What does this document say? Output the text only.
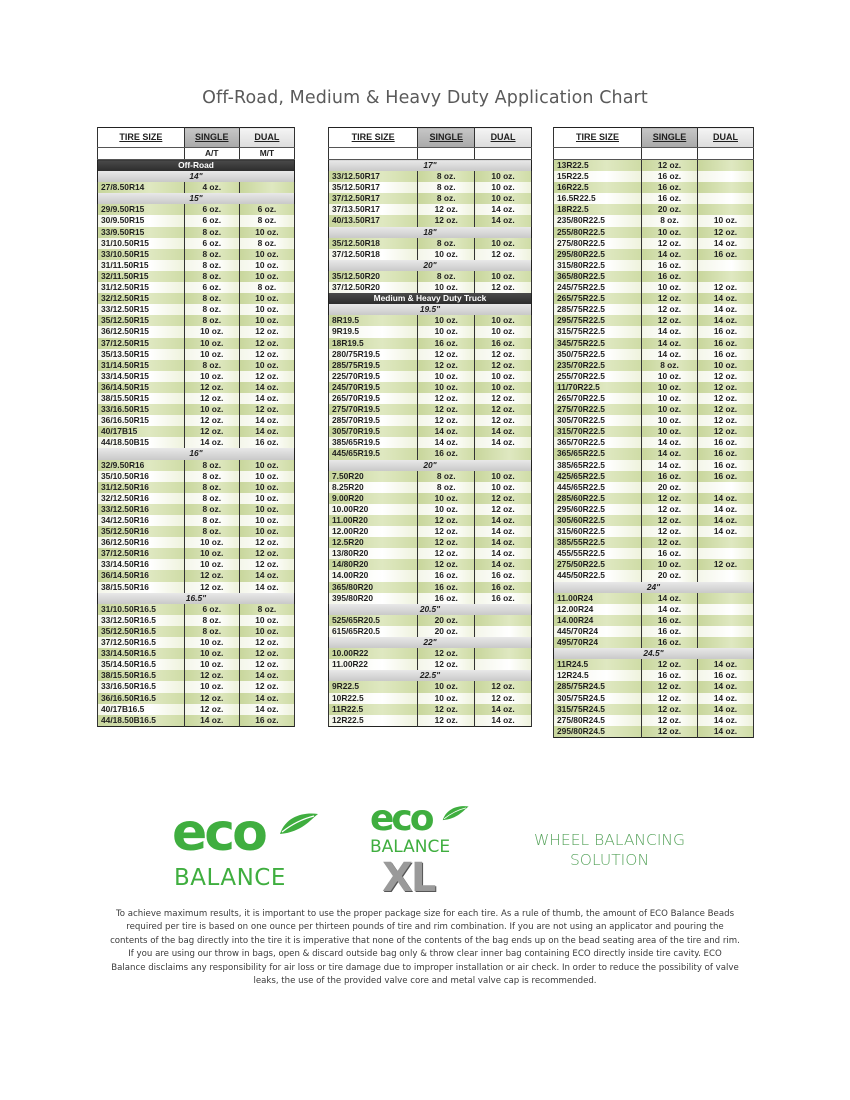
Off-Road, Medium & Heavy Duty Application Chart
TIRE SIZE	SINGLE	DUAL
	A/T	M/T
Off-Road		
14"		
27/8.50R14	4 oz.	
15"		
29/9.50R15	6 oz.	6 oz.
30/9.50R15	6 oz.	8 oz.
33/9.50R15	8 oz.	10 oz.
31/10.50R15	6 oz.	8 oz.
33/10.50R15	8 oz.	10 oz.
31/11.50R15	8 oz.	10 oz.
32/11.50R15	8 oz.	10 oz.
31/12.50R15	6 oz.	8 oz.
32/12.50R15	8 oz.	10 oz.
33/12.50R15	8 oz.	10 oz.
35/12.50R15	8 oz.	10 oz.
36/12.50R15	10 oz.	12 oz.
37/12.50R15	10 oz.	12 oz.
35/13.50R15	10 oz.	12 oz.
31/14.50R15	8 oz.	10 oz.
33/14.50R15	10 oz.	12 oz.
36/14.50R15	12 oz.	14 oz.
38/15.50R15	12 oz.	14 oz.
33/16.50R15	10 oz.	12 oz.
36/16.50R15	12 oz.	14 oz.
40/17B15	12 oz.	14 oz.
44/18.50B15	14 oz.	16 oz.
16"		
32/9.50R16	8 oz.	10 oz.
35/10.50R16	8 oz.	10 oz.
31/12.50R16	8 oz.	10 oz.
32/12.50R16	8 oz.	10 oz.
33/12.50R16	8 oz.	10 oz.
34/12.50R16	8 oz.	10 oz.
35/12.50R16	8 oz.	10 oz.
36/12.50R16	10 oz.	12 oz.
37/12.50R16	10 oz.	12 oz.
33/14.50R16	10 oz.	12 oz.
36/14.50R16	12 oz.	14 oz.
38/15.50R16	12 oz.	14 oz.
16.5"		
31/10.50R16.5	6 oz.	8 oz.
33/12.50R16.5	8 oz.	10 oz.
35/12.50R16.5	8 oz.	10 oz.
37/12.50R16.5	10 oz.	12 oz.
33/14.50R16.5	10 oz.	12 oz.
35/14.50R16.5	10 oz.	12 oz.
38/15.50R16.5	12 oz.	14 oz.
33/16.50R16.5	10 oz.	12 oz.
36/16.50R16.5	12 oz.	14 oz.
40/17B16.5	12 oz.	14 oz.
44/18.50B16.5	14 oz.	16 oz.
TIRE SIZE	SINGLE	DUAL

17"		
33/12.50R17	8 oz.	10 oz.
35/12.50R17	8 oz.	10 oz.
37/12.50R17	8 oz.	10 oz.
37/13.50R17	12 oz.	14 oz.
40/13.50R17	12 oz.	14 oz.
18"		
35/12.50R18	8 oz.	10 oz.
37/12.50R18	10 oz.	12 oz.
20"		
35/12.50R20	8 oz.	10 oz.
37/12.50R20	10 oz.	12 oz.
Medium & Heavy Duty Truck		
19.5"		
8R19.5	10 oz.	10 oz.
9R19.5	10 oz.	10 oz.
18R19.5	16 oz.	16 oz.
280/75R19.5	12 oz.	12 oz.
285/75R19.5	12 oz.	12 oz.
225/70R19.5	10 oz.	10 oz.
245/70R19.5	10 oz.	10 oz.
265/70R19.5	12 oz.	12 oz.
275/70R19.5	12 oz.	12 oz.
285/70R19.5	12 oz.	12 oz.
305/70R19.5	14 oz.	14 oz.
385/65R19.5	14 oz.	14 oz.
445/65R19.5	16 oz.	
20"		
7.50R20	8 oz.	10 oz.
8.25R20	8 oz.	10 oz.
9.00R20	10 oz.	12 oz.
10.00R20	10 oz.	12 oz.
11.00R20	12 oz.	14 oz.
12.00R20	12 oz.	14 oz.
12.5R20	12 oz.	14 oz.
13/80R20	12 oz.	14 oz.
14/80R20	12 oz.	14 oz.
14.00R20	16 oz.	16 oz.
365/80R20	16 oz.	16 oz.
395/80R20	16 oz.	16 oz.
20.5"		
525/65R20.5	20 oz.	
615/65R20.5	20 oz.	
22"		
10.00R22	12 oz.	
11.00R22	12 oz.	
22.5"		
9R22.5	10 oz.	12 oz.
10R22.5	10 oz.	12 oz.
11R22.5	12 oz.	14 oz.
12R22.5	12 oz.	14 oz.
TIRE SIZE	SINGLE	DUAL

13R22.5	12 oz.	
15R22.5	16 oz.	
16R22.5	16 oz.	
16.5R22.5	16 oz.	
18R22.5	20 oz.	
235/80R22.5	8 oz.	10 oz.
255/80R22.5	10 oz.	12 oz.
275/80R22.5	12 oz.	14 oz.
295/80R22.5	14 oz.	16 oz.
315/80R22.5	16 oz.	
365/80R22.5	16 oz.	
245/75R22.5	10 oz.	12 oz.
265/75R22.5	12 oz.	14 oz.
285/75R22.5	12 oz.	14 oz.
295/75R22.5	12 oz.	14 oz.
315/75R22.5	14 oz.	16 oz.
345/75R22.5	14 oz.	16 oz.
350/75R22.5	14 oz.	16 oz.
235/70R22.5	8 oz.	10 oz.
255/70R22.5	10 oz.	12 oz.
11/70R22.5	10 oz.	12 oz.
265/70R22.5	10 oz.	12 oz.
275/70R22.5	10 oz.	12 oz.
305/70R22.5	10 oz.	12 oz.
315/70R22.5	10 oz.	12 oz.
365/70R22.5	14 oz.	16 oz.
365/65R22.5	14 oz.	16 oz.
385/65R22.5	14 oz.	16 oz.
425/65R22.5	16 oz.	16 oz.
445/65R22.5	20 oz.	
285/60R22.5	12 oz.	14 oz.
295/60R22.5	12 oz.	14 oz.
305/60R22.5	12 oz.	14 oz.
315/60R22.5	12 oz.	14 oz.
385/55R22.5	12 oz.	
455/55R22.5	16 oz.	
275/50R22.5	10 oz.	12 oz.
445/50R22.5	20 oz.	
24"		
11.00R24	14 oz.	
12.00R24	14 oz.	
14.00R24	16 oz.	
445/70R24	16 oz.	
495/70R24	16 oz.	
24.5"		
11R24.5	12 oz.	14 oz.
12R24.5	16 oz.	16 oz.
285/75R24.5	12 oz.	14 oz.
305/75R24.5	12 oz.	14 oz.
315/75R24.5	12 oz.	14 oz.
275/80R24.5	12 oz.	14 oz.
295/80R24.5	12 oz.	14 oz.
eco
BALANCE
eco
BALANCE
XL
WHEEL BALANCING
SOLUTION
To achieve maximum results, it is important to use the proper package size for each tire. As a rule of thumb, the amount of ECO Balance Beads required per tire is based on one ounce per thirteen pounds of tire and rim combination. If you are not using an applicator and pouring the contents of the bag directly into the tire it is imperative that none of the contents of the bag ends up on the bead seating area of the tire and rim. If you are using our throw in bags, open & discard outside bag only & throw clear inner bag containing ECO directly inside tire cavity. ECO Balance disclaims any responsibility for air loss or tire damage due to improper installation or air check. In order to reduce the possibility of valve leaks, the use of the provided valve core and metal valve cap is recommended.
